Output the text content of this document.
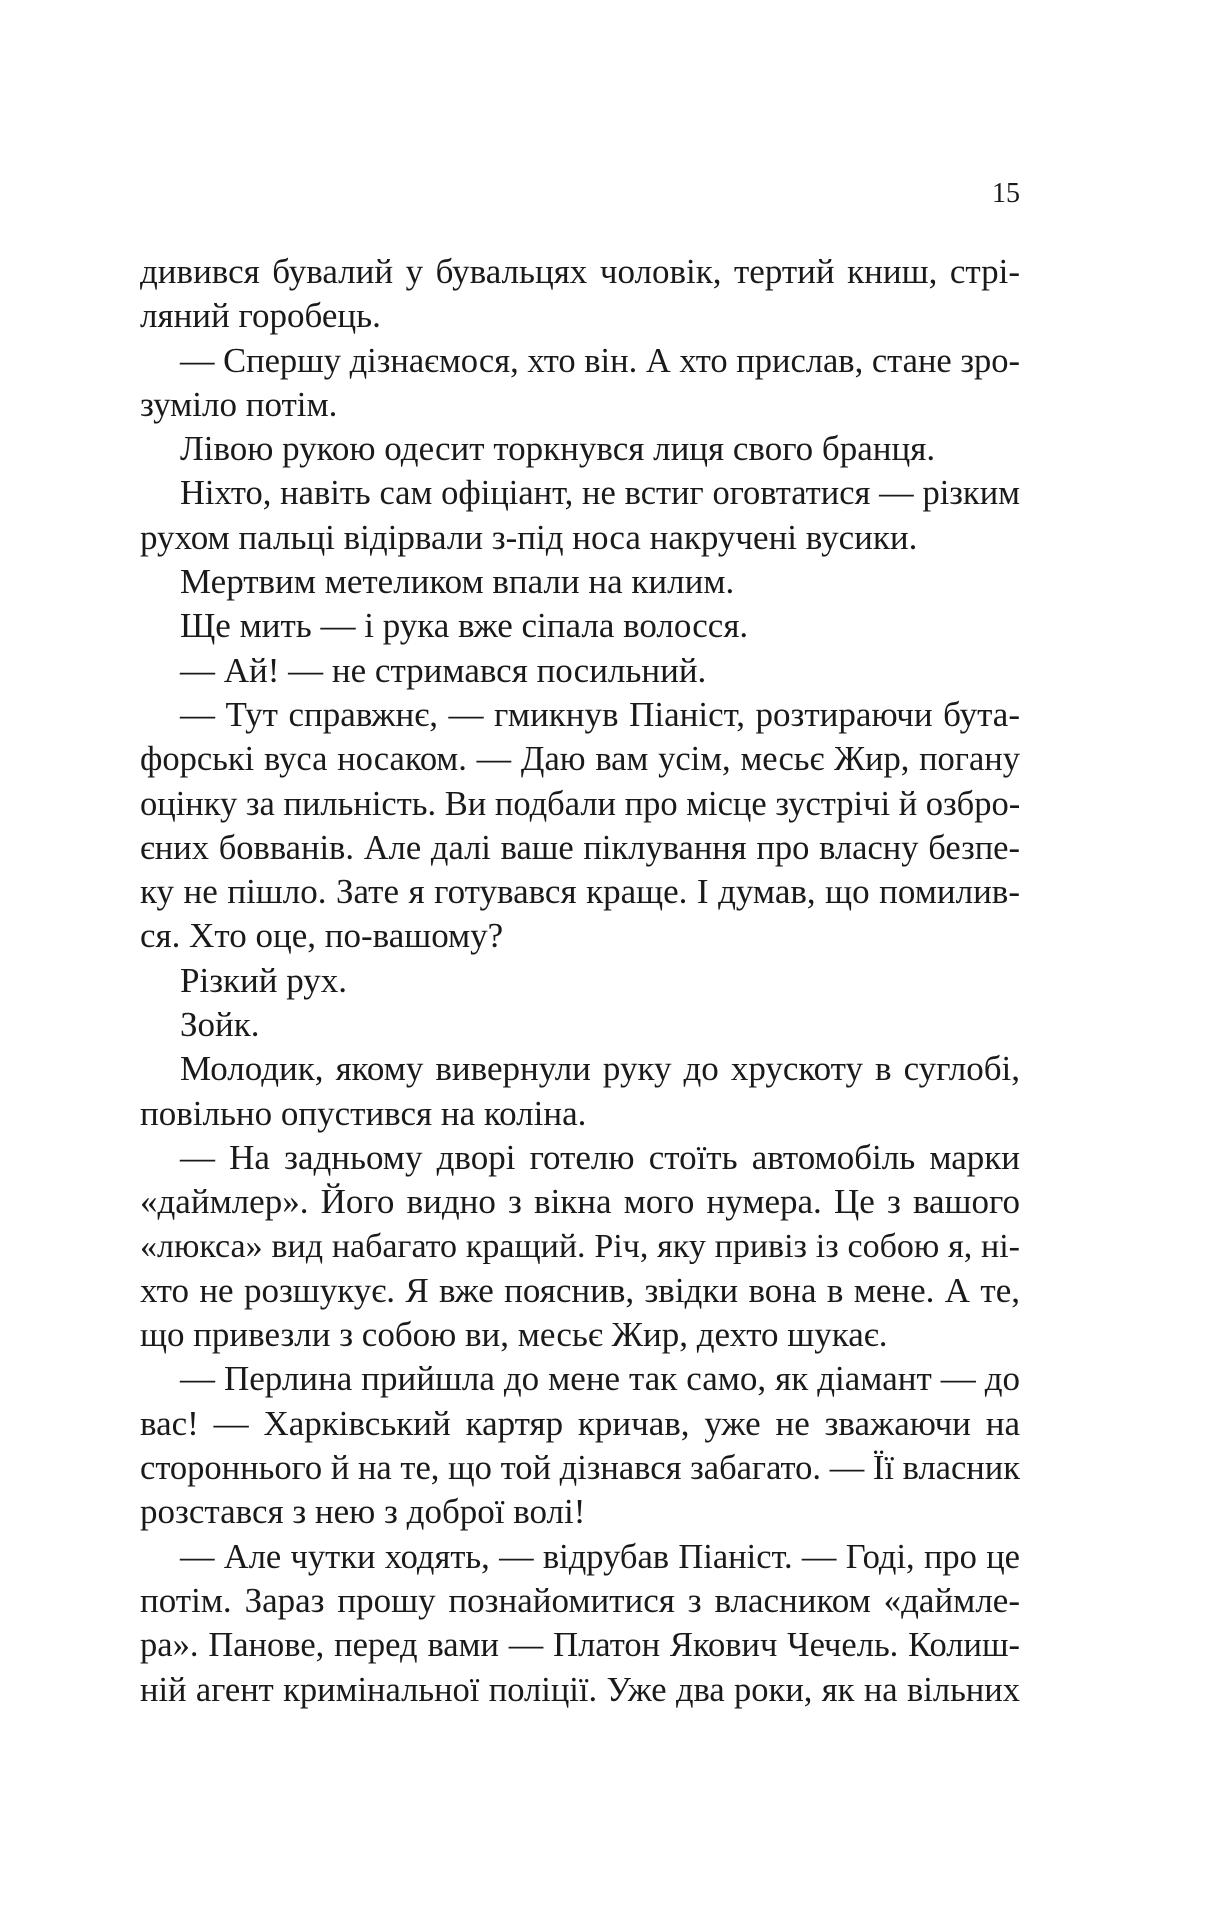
15
дивився бувалий у бувальцях чоловік, тертий книш, стрі-
ляний горобець.
— Спершу дізнаємося, хто він. А хто прислав, стане зро-
зуміло потім.
Лівою рукою одесит торкнувся лиця свого бранця.
Ніхто, навіть сам офіціант, не встиг оговтатися — різким
рухом пальці відірвали з-під носа накручені вусики.
Мертвим метеликом впали на килим.
Ще мить — і рука вже сіпала волосся.
— Ай! — не стримався посильний.
— Тут справжнє, — гмикнув Піаніст, розтираючи бута-
форські вуса носаком. — Даю вам усім, месьє Жир, погану
оцінку за пильність. Ви подбали про місце зустрічі й озбро-
єних бовванів. Але далі ваше піклування про власну безпе-
ку не пішло. Зате я готувався краще. І думав, що помилив-
ся. Хто оце, по-вашому?
Різкий рух.
Зойк.
Молодик, якому вивернули руку до хрускоту в суглобі,
повільно опустився на коліна.
— На задньому дворі готелю стоїть автомобіль марки
«даймлер». Його видно з вікна мого нумера. Це з вашого
«люкса» вид набагато кращий. Річ, яку привіз із собою я, ні-
хто не розшукує. Я вже пояснив, звідки вона в мене. А те,
що привезли з собою ви, месьє Жир, дехто шукає.
— Перлина прийшла до мене так само, як діамант — до
вас! — Харківський картяр кричав, уже не зважаючи на
стороннього й на те, що той дізнався забагато. — Її власник
розстався з нею з доброї волі!
— Але чутки ходять, — відрубав Піаніст. — Годі, про це
потім. Зараз прошу познайомитися з власником «даймле-
ра». Панове, перед вами — Платон Якович Чечель. Колиш-
ній агент кримінальної поліції. Уже два роки, як на вільних
